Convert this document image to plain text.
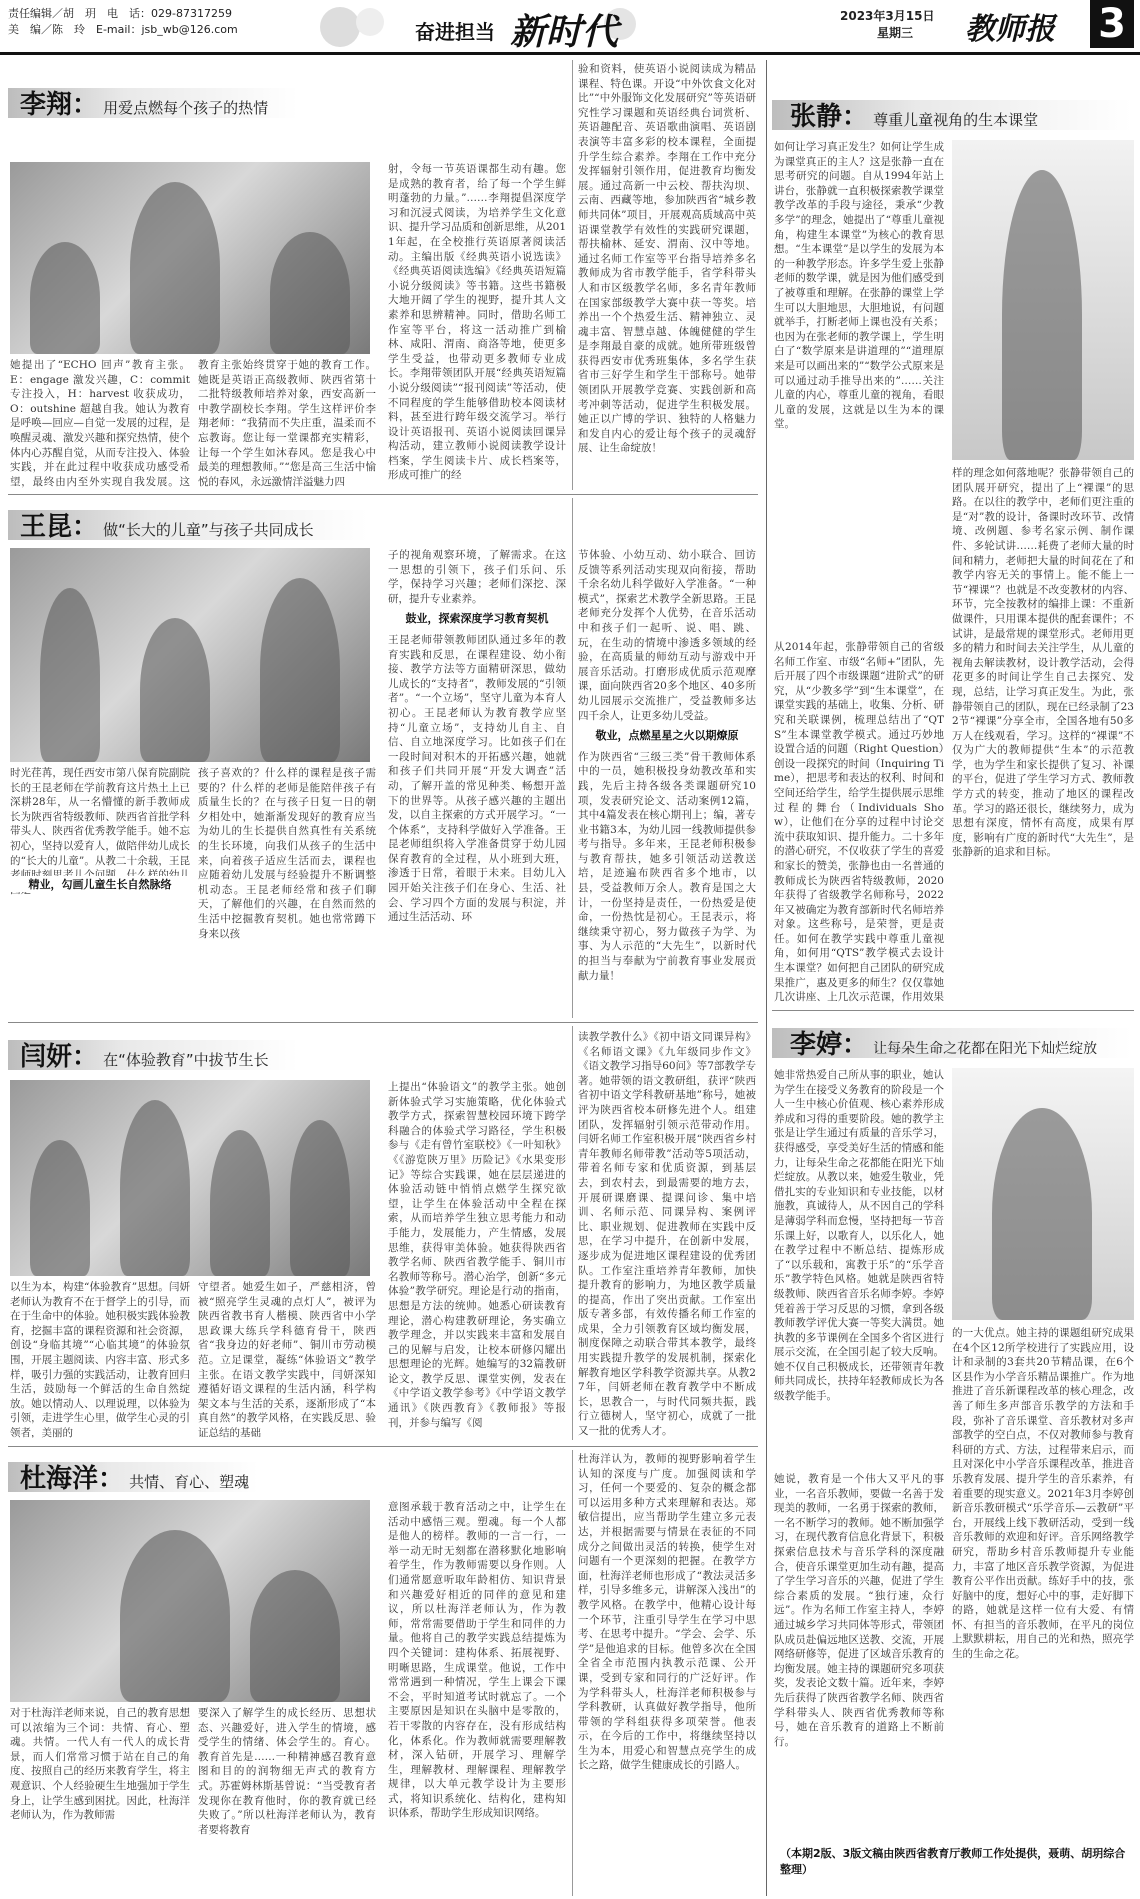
责任编辑／胡　玥　 电　话：029-87317259
美　编／陈　玲　 E-mail：jsb_wb@126.com	奋进担当 新时代	2023年3月15日
星期三	教师报 3
李翔： 用爱点燃每个孩子的热情
她提出了“ECHO 回声”教育主张。E：engage 激发兴趣，C：commit 专注投入，H：harvest 收获成功，O：outshine 超越自我。她认为教育是呼唤—回应—自觉一发展的过程，是唤醒灵魂、激发兴趣和探究热情，使个体内心苏醒自觉，从而专注投入、体验实践，并在此过程中收获成功感受希望，最终由内至外实现自我发展。这
教育主张始终贯穿于她的教育工作。她既是英语正高级教师、陕西省第十二批特级教师培养对象，西安高新一中教学副校长李翔。学生这样评价李翔老师：“我猜而不失庄重，温柔而不忘教诲。您让每一堂课都充实精彩，让每一个学生如沐春风。您是我心中最美的理想教师。”“您是高三生活中愉悦的春风，永远激情洋溢魅力四
射，令每一节英语课都生动有趣。您是成熟的教育者，给了每一个学生鲜明蓬勃的力量。”……李翔提倡深度学习和沉浸式阅读，为培养学生文化意识、提升学习品质和创新思维，从2011年起，在全校推行英语原著阅读活动。主编出版《经典英语小说选读》《经典英语阅读选编》《经典英语短篇小说分级阅读》等书籍。这些书籍极大地开阔了学生的视野，提升其人文素养和思辨精神。同时，借助名师工作室等平台，将这一活动推广到榆林、咸阳、渭南、商洛等地，使更多学生受益，也带动更多教师专业成长。李翔带领团队开展“经典英语短篇小说分级阅读”“报刊阅读”等活动，使不同程度的学生能够借助校本阅读材料，甚至进行跨年级交流学习。举行设计英语报刊、英语小说阅读回课异构活动，建立教师小说阅读教学设计档案，学生阅读卡片、成长档案等，形成可推广的经
验和资料，使英语小说阅读成为精品课程、特色课。开设“中外饮食文化对比”“中外服饰文化发展研究”等英语研究性学习课题和英语经典台词赏析、英语趣配音、英语歌曲演唱、英语剧表演等丰富多彩的校本课程，全面提升学生综合素养。李翔在工作中充分发挥辐射引领作用，促进教育均衡发展。通过高新一中云校、帮扶沟坝、云南、西藏等地，参加陕西省“城乡教师共同体”项目，开展观高质域高中英语课堂教学有效性的实践研究课题，帮扶榆林、延安、渭南、汉中等地。通过名师工作室等平台指导培养多名教师成为省市教学能手，省学科带头人和市区级教学名师，多名青年教师在国家部级教学大赛中获一等奖。培养出一个个热爱生活、精神独立、灵魂丰富、智慧卓越、体魄健健的学生是李翔最自豪的成就。她所带班级曾获得西安市优秀班集体，多名学生获省市三好学生和学生干部称号。她带领团队开展教学竞赛、实践创新和高考冲刺等活动，促进学生积极发展。她正以广博的学识、独特的人格魅力和发自内心的爱让每个孩子的灵魂舒展、让生命绽放！
王昆： 做“长大的儿童”与孩子共同成长
时光荏苒，现任西安市第八保育院副院长的王昆老师在学前教育这片热土上已深耕28年，从一名懵懂的新手教师成长为陕西省特级教师、陕西省首批学科带头人、陕西省优秀教学能手。她不忘初心，坚持以爱育人，做陪伴幼儿成长的“长大的儿童”。从教二十余载，王昆
精业，勾画儿童生长自然脉络
孩子喜欢的？什么样的课程是孩子需要的？什么样的老师是能陪伴孩子有质量生长的？在与孩子日复一日的朝夕相处中，她渐渐发现好的教育应当为幼儿的生长提供自然真性有关系统的生长环境，向我们从孩子的生活中来，向着孩子适应生活而去，课程也应随着幼儿发展与经验提升不断调整机动态。王昆老师经常和孩子们聊天，了解他们的兴趣，在自然而然的生活中挖掘教育契机。她也常常蹲下身来以孩
子的视角观察环境，了解需求。在这一思想的引领下，孩子们乐问、乐学，保持学习兴趣；老师们深挖、深研，提升专业素养。
鼓业，探索深度学习教育契机
王昆老师带领教师团队通过多年的教育实践和反思，在课程建设、幼小衔接、教学方法等方面精研深思，做幼儿成长的“支持者”，教师发展的“引领者”。“一个立场”，坚守儿童为本育人初心。王昆老师认为教育教学应坚持“儿童立场”，支持幼儿自主、自信、自立地深度学习。比如孩子们在一段时间对积木的开拓感兴趣，她就和孩子们共同开展“开发大调查”活动，了解开盖的常见种类、畅想开盖下的世界等。从孩子感兴趣的主题出发，以自主探索的方式开展学习。“一个体系”，支持科学做好入学准备。王昆老师组织将入学准备贯穿于幼儿园保育教育的全过程，从小班到大班，渗透于日常，着眼于未来。目幼儿入园开始关注孩子们在身心、生活、社会、学习四个方面的发展与积淀，并通过生活活动、环
节体验、小幼互动、幼小联合、回访反馈等系列活动实现双向衔接，帮助千余名幼儿科学做好入学准备。“一种模式”，探索艺术教学全新思路。王昆老师充分发挥个人优势，在音乐活动中和孩子们一起听、说、唱、跳、玩，在生动的情境中渗透多领域的经验，在高质量的师幼互动与游戏中开展音乐活动。打磨形成优质示范观摩课，面向陕西省20多个地区、40多所幼儿园展示交流推广，受益教师多达四千余人，让更多幼儿受益。
敬业，点燃星星之火以期燎原
作为陕西省“三级三类”骨干教师体系中的一员，她积极投身幼教改革和实践，先后主持各级各类课题研究10项，发表研究论文、活动案例12篇，其中4篇发表在核心期刊上；编，著专业书籍3本，为幼儿园一线教师提供参考与指导。多年来，王昆老师积极参与教育帮扶，她多引领活动送教送培，足迹遍布陕西省多个地市，以县，受益教师万余人。教育是国之大计，一份坚持是责任，一份热爱是使命，一份热忱是初心。王昆表示，将继续秉守初心，努力做孩子为学、为事、为人示范的“大先生”，以新时代的担当与奉献为宁前教育事业发展贡献力量！
闫妍： 在“体验教育”中拔节生长
以生为本，构建“体验教育”思想。闫妍老师认为教育不在于督学上的引导，而在于生命中的体验。她积极实践体验教育，挖掘丰富的课程资源和社会资源，创设“身临其境”“心临其境”的体验氛围，开展主题阅读、内容丰富、形式多样，吸引力强的实践活动，让教育回归生活，鼓励每一个鲜活的生命自然绽放。她以情动人、以理说理，以体验为引领，走进学生心里，做学生心灵的引领者，美丽的
守望者。她爱生如子，严慈相济，曾被“照亮学生灵魂的点灯人”，被评为陕西省教书育人楷模、陕西省中小学思政课大练兵学科德育骨干，陕西省“我身边的好老师”、铜川市劳动模范。立足课堂，凝练“体验语文”教学主张。在语文教学实践中，闫妍深知遵循好语文课程的生活内涵，科学构架文本与生活的关系，逐渐形成了“本真自然”的教学风格，在实践反思、验证总结的基础
上提出“体验语文”的教学主张。她创新体验式学习实施策略，优化体验式教学方式，探索智慧校园环境下跨学科融合的体验式学习路径，学生积极参与《走有曾竹室联校》《一叶知秋》《《游览陕万里》历险记》《水果变形记》等综合实践课，她在层层递进的体验活动链中悄悄点燃学生探究欲望，让学生在体验活动中全程在探索，从而培养学生独立思考能力和动手能力，发展能力，产生情感，发展思维，获得审美体验。她获得陕西省教学名师、陕西省教学能手、铜川市名教师等称号。潜心治学，创新“多元体验”教学研究。理论是行动的指南，思想是方法的统帅。她悉心研读教育理论，潜心构建教研理论，务实确立教学理念，并以实践来丰富和发展自己的见解与启发，让校本研修闪耀出思想理论的光辉。她编写的32篇教研论文，教学反思、课堂实例，发表在《中学语文教学参考》《中学语文教学通讯》《陕西教育》《教师报》等报刊，并参与编写《阅
读教学教什么》《初中语文同课异构》《名师语文课》《九年级同步作文》《语文教学习指导60问》等7部教学专著。她带领的语文教研组，获评“陕西省初中语文学科教研基地”称号，她被评为陕西省校本研修先进个人。组建团队，发挥辐射引领示范带动作用。闫妍名师工作室积极开展“陕西省乡村青年教师名师带教”活动等5项活动，带着名师专家和优质资源，到基层去，到农村去，到最需要的地方去，开展研课磨课、提课问诊、集中培训、名师示范、同课异构、案例评比、职业规划、促进教师在实践中反思，在学习中提升，在创新中发展，逐步成为促进地区课程建设的优秀团队。工作室注重培养青年教师，加快提升教育的影响力，为地区教学质量的提高，作出了突出贡献。工作室出版专著多部，有效传播名师工作室的成果，全力引领教育区域均衡发展，制度保障之动联合带其本教学，最终用实践提升教学的发展机制，探索化解教育地区学科教学资源共享。从教27年，闫妍老师在教育教学中不断成长，思教合一，与时代同频共振，践行立德树人，坚守初心，成就了一批又一批的优秀人才。
杜海洋： 共情、育心、塑魂
对于杜海洋老师来说，自己的教育思想可以浓缩为三个词：共情、育心、塑魂。共情。一代人有一代人的成长背景，而人们常常习惯于站在自己的角度、按照自己的经历来教育学生，将主观意识、个人经验硬生生地强加于学生身上，让学生感到困扰。因此，杜海洋老师认为，作为教师需
要深入了解学生的成长经历、思想状态、兴趣爱好，进入学生的情境，感受学生的情绪、体会学生的。育心。教育首先是……一种精神感召教育意图和目的的润物细无声式的教育方式。苏霍姆林斯基曾说：“当受教育者发现你在教育他时，你的教育就已经失败了。”所以杜海洋老师认为，教育者要将教育
意图承载于教育活动之中，让学生在活动中感悟三观。塑魂。每一个人都是他人的榜样。教师的一言一行，一举一动无时无刻都在潜移默化地影响着学生，作为教师需要以身作则。人们通常愿意听取年龄相仿、知识背景和兴趣爱好相近的同伴的意见和建议，所以杜海洋老师认为，作为教师，常常需要借助于学生和同伴的力量。他将自己的教学实践总结提炼为四个关键词：建构体系、拓展视野、明晰思路，生成课堂。他说，工作中常常遇到一种情况，学生上课会下课不会，平时知道考试时就忘了。一个主要原因是知识在头脑中是零散的，若干零散的内容存在，没有形成结构化，体系化。作为教师就需要理解教材，深入钻研，开展学习、理解学生，理解教材、理解课程、理解教学规律，以大单元教学设计为主要形式，将知识系统化、结构化，建构知识体系，帮助学生形成知识网络。
杜海洋认为，教师的视野影响着学生认知的深度与广度。加强阅读和学习，任何一个要爱的、复杂的概念都可以运用多种方式来理解和表达。郑敏信提出，应当帮助学生建立多元表达，并根据需要与情景在表征的不同成分之间做出灵活的转换，使学生对问题有一个更深刻的把握。在教学方面，杜海洋老师也形成了“教法灵活多样，引导多维多元，讲解深入浅出”的教学风格。在教学中，他精心设计每一个环节，注重引导学生在学习中思考、在思考中提升。“学会、会学、乐学”是他追求的目标。他曾多次在全国全省全市范围内执教示范课、公开课，受到专家和同行的广泛好评。作为学科带头人，杜海洋老师积极参与学科教研，认真做好教学指导，他所带领的学科组获得多项荣誉。他表示，在今后的工作中，将继续坚持以生为本，用爱心和智慧点亮学生的成长之路，做学生健康成长的引路人。
张静： 尊重儿童视角的生本课堂
如何让学习真正发生？如何让学生成为课堂真正的主人？这是张静一直在思考研究的问题。自从1994年站上讲台，张静就一直积极探索教学课堂教学改革的手段与途径，秉承“少教多学”的理念，她提出了“尊重儿童视角，构建生本课堂”为核心的教育思想。“生本课堂”是以学生的发展为本的一种教学形态。许多学生爱上张静老师的数学课，就是因为他们感受到了被尊重和理解。在张静的课堂上学生可以大胆地思，大胆地说，有问题就举手，打断老师上课也没有关系；也因为在张老师的教学课上，学生明白了“数学原来是讲道理的”“道理原来是可以画出来的”“数学公式原来是可以通过动手推导出来的”……关注儿童的内心，尊重儿童的视角，看眼儿童的发展，这就是以生为本的课堂。
样的理念如何落地呢？张静带领自己的团队展开研究，提出了上“裸课”的思路。在以往的教学中，老师们更注重的是“对”教的设计，备课时改环节、改情境、改例题、参考名家示例、制作课件、多轮试讲……耗费了老师大量的时间和精力，老师把大量的时间花在了和教学内容无关的事情上。能不能上一节“裸课”？也就是不改变教材的内容、环节，完全按教材的编排上课：不重新做课件，只用课本提供的配套课件；不试讲，是最常规的课堂形式。老师用更多的精力和时间去关注学生，从儿童的视角去解读教材，设计教学活动，会得花更多的时间让学生自己去探究、发现，总结，让学习真正发生。为此，张静带领自己的团队，现在已经录制了232节“裸课”分享全市，全国各地有50多万人在线观看，学习。这样的“裸课”不仅为广大的教师提供“生本”的示范教学，也为学生和家长提供了复习、补课的平台，促进了学生学习方式、教师教学方式的转变，推动了地区的课程改革。学习的路还很长，继续努力，成为思想有深度，情怀有高度，成果有厚度，影响有广度的新时代“大先生”，是张静新的追求和目标。
从2014年起，张静带领自己的省级名师工作室、市级“名师+”团队，先后开展了四个市级课题“进阶式”的研究，从“少教多学”到“生本课堂”，在课堂实践的基础上，收集、分析、研究和关联课例，梳理总结出了“QTS”生本课堂教学模式。通过巧妙地设置合适的问题（Right Question）创设一段探究的时间（Inquiring Time），把思考和表达的权利、时间和空间还给学生，给学生提供展示思维过程的舞台（Individuals Show），让他们在分享的过程中讨论交流中获取知识、提升能力。二十多年的潜心研究，不仅收获了学生的喜爱和家长的赞美，张静也由一名普通的教师成长为陕西省特级教师，2020年获得了省级教学名师称号，2022年又被确定为教育部新时代名师培养对象。这些称号，是荣誉，更是责任。如何在教学实践中尊重儿童视角，如何用“QTS”教学模式去设计生本课堂？如何把自己团队的研究成果推广，惠及更多的师生？仅仅靠她几次讲座、上几次示范课，作用效果
李婷： 让每朵生命之花都在阳光下灿烂绽放
她非常热爱自己所从事的职业，她认为学生在接受义务教育的阶段是一个人一生中核心价值观、核心素养形成养成和习得的重要阶段。她的教学主张是让学生通过有质量的音乐学习，获得感受，享受美好生活的情感和能力，让每朵生命之花都能在阳光下灿烂绽放。从教以来，她爱生敬业，凭借扎实的专业知识和专业技能，以材施教，真诚待人，从不因自己的学科是薄弱学科而怠慢，坚持把每一节音乐课上好，以歌育人，以乐化人，她在教学过程中不断总结、提炼形成了“以乐载和，寓教于乐”的“乐学音乐”教学特色风格。她就是陕西省特级教师、陕西省音乐名师李婷。李婷凭着善于学习反思的习惯，拿到各级教师教学评优大赛一等奖大满贯。她执教的多节课例在全国多个省区进行展示交流，在全国引起了较大反响。她不仅自己积极成长，还带领青年教师共同成长，扶持年轻教师成长为各级教学能手。
的一大优点。她主持的课题组研究成果在4个区12所学校进行了实践应用，设计和录制的3套共20节精品课，在6个区县作为小学音乐精品课推广。作为地推进了音乐新课程改革的核心理念，改善了师生多声部音乐教学的方法和手段，弥补了音乐课堂、音乐教材对多声部教学的空白点，不仅对教师参与教育科研的方式、方法，过程带来启示，而且对深化中小学音乐课程改革，推进音乐教育发展、提升学生的音乐素养，有着重要的现实意义。2021年3月李婷创新音乐教研模式“乐学音乐—云教研”平台，开展线上线下教研活动，受到一线音乐教师的欢迎和好评。音乐网络教学研究，帮助乡村音乐教师提升专业能力，丰富了地区音乐教学资源，为促进教育公平作出贡献。练好手中的技，张好脑中的度，想好心中的事，走好脚下的路，她就是这样一位有大爱、有情怀、有担当的音乐教师，在平凡的岗位上默默耕耘，用自己的光和热，照亮学生的生命之花。
她说，教育是一个伟大又平凡的事业，一名音乐教师，要做一名善于发现美的教师，一名勇于探索的教师，一名不断学习的教师。她不断加强学习，在现代教育信息化背景下，积极探索信息技术与音乐学科的深度融合，使音乐课堂更加生动有趣，提高了学生学习音乐的兴趣，促进了学生综合素质的发展。“独行速，众行远”。作为名师工作室主持人，李婷通过城乡学习共同体等形式，带领团队成员赴偏远地区送教、交流，开展网络研修等，促进了区域音乐教育的均衡发展。她主持的课题研究多项获奖，发表论文数十篇。近年来，李婷先后获得了陕西省教学名师、陕西省学科带头人、陕西省优秀教师等称号，她在音乐教育的道路上不断前行。
（本期2版、3版文稿由陕西省教育厅教师工作处提供，聂萌、胡玥综合整理）
